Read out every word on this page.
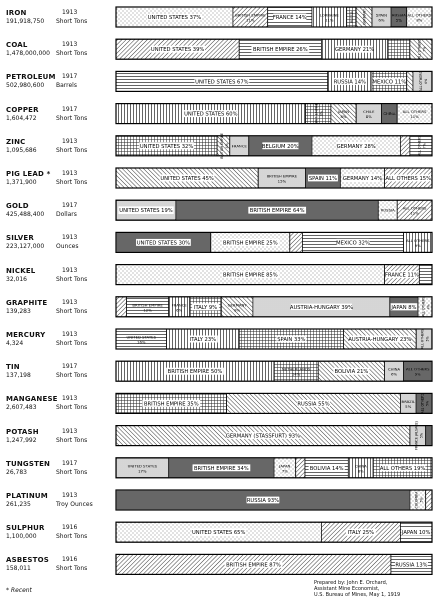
UNITED STATES 37%	BRITISH EMPIRE 11%	FRANCE 14%	LORRAINE 11%	RUSSIA	GERMANY SPAIN 6%
RUSSIA 5%
ALL OTHERS 8%
UNITED STATES 39%	BRITISH EMPIRE 26%	GERMANY 21%	ALL OTHERS7%
UNITED STATES 67%	RUSSIA 14% MEXICO 11%	ALL OTHERS6%
UNITED STATES 60%	BRIT. EMPIRE8%	JAPAN 8%
CHILE 8%
CHINA ALL OTHERS 11%
UNITED STATES 32%	BRITISH EMPIRE4% FRANCE	BELGIUM 20%	GERMANY 28%	ALL OTHERS7%
UNITED STATES 45%	BRITISH EMPIRE 15%	SPAIN 11% GERMANY 14% ALL OTHERS 15%
UNITED STATES 19%	BRITISH EMPIRE 64%	RUSSIA ALL OTHERS 11%
UNITED STATES 30%	BRITISH EMPIRE 25%	MEXICO 32%	ALL OTHERS 9%
BRITISH EMPIRE 85%	FRANCE 11%
BRITISH EMPIRE 12%
FRANCE 6%	ITALY 9%	GERMANY 9%	AUSTRIA-HUNGARY 39%	JAPAN 8% ALL OTHERS4%
UNITED STATES 16%	ITALY 23%	SPAIN 33%	AUSTRIA-HUNGARY 23%	ALL OTHERS5%
BRITISH EMPIRE 50%	NETHERLANDS 14%	BOLIVIA 21%	CHINA 6%
ALL OTHERS 9%
BRITISH EMPIRE 35%	RUSSIA 55%	BRAZIL 5%	ALL OTHERS5%
GERMANY (STASSFURT) 93%	FRANCE (ALSACE)5%
UNITED STATES 17%	BRITISH EMPIRE 34%	JAPAN 7%	BOLIVIA 14%	CHINA 8%	ALL OTHERS 19%
RUSSIA 93%	COLOMBIA5%
UNITED STATES 65%	ITALY 25%	JAPAN 10%
BRITISH EMPIRE 87%	RUSSIA 13%
IRON	1913
191,918,750 Short Tons
COAL	1913
1,478,000,000 Short Tons
PETROLEUM 1917
502,980,600 Barrels
COPPER	1917
1,604,472	Short Tons
ZINC	1913
1,095,686	Short Tons
PIG LEAD * 1913
1,371,900	Short Tons
GOLD	1917
425,488,400 Dollars
SILVER	1913
223,127,000 Ounces
NICKEL	1913
32,016	Short Tons
GRAPHITE 1913
139,283	Short Tons
MERCURY	1913
4,324	Short Tons
TIN	1917
137,198	Short Tons
MANGANESE 1913
2,607,483	Short Tons
POTASH	1913
1,247,992	Short Tons
TUNGSTEN 1917
26,783	Short Tons
PLATINUM 1913
261,235	Troy Ounces
SULPHUR	1916
1,100,000	Short Tons
ASBESTOS 1916
158,011	Short Tons
* Recent
Prepared by: John E. Orchard,
Assistant Mine Economist,
U.S. Bureau of Mines, May 1, 1919
